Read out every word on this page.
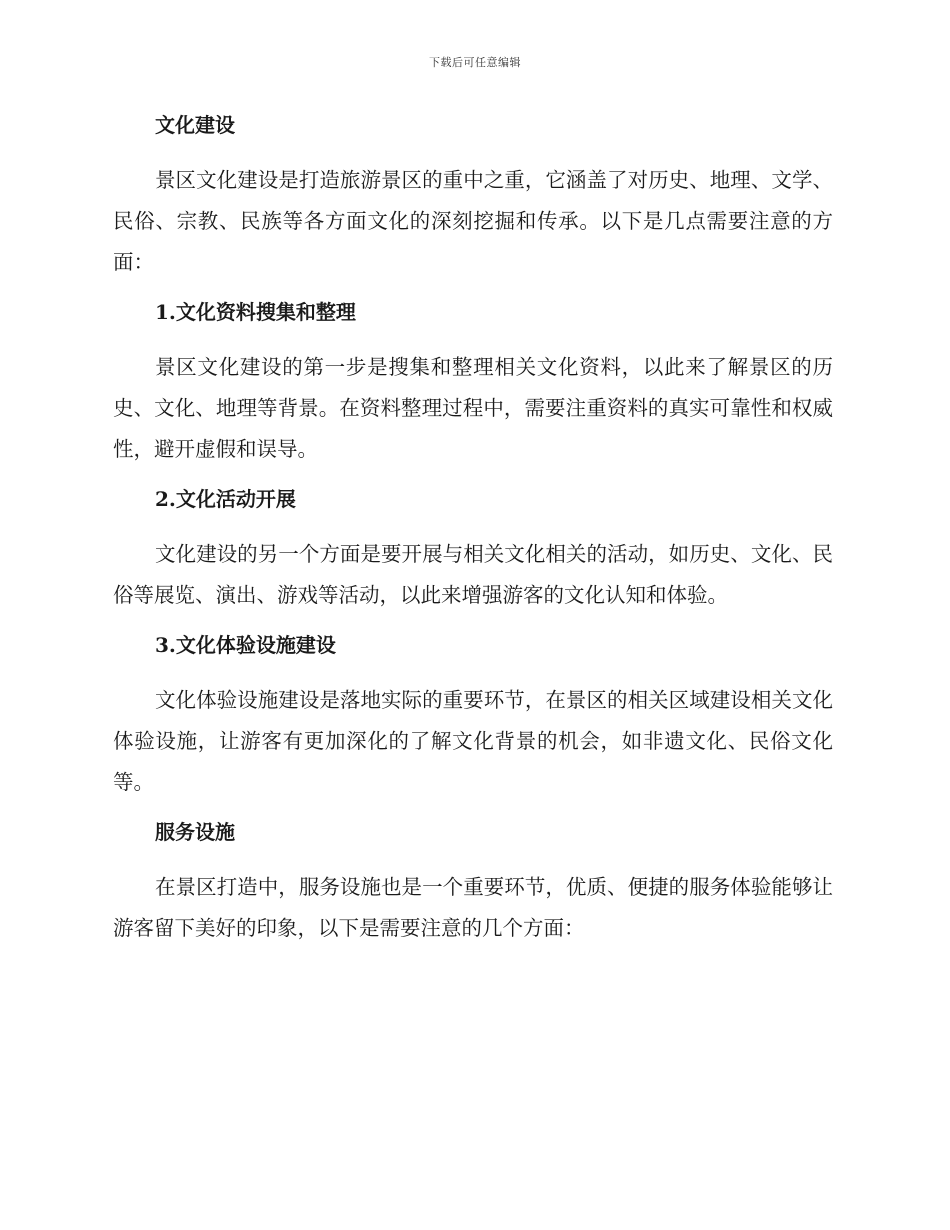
下载后可任意编辑
文化建设

景区文化建设是打造旅游景区的重中之重，它涵盖了对历史、地理、文学、民俗、宗教、民族等各方面文化的深刻挖掘和传承。以下是几点需要注意的方面：

1.文化资料搜集和整理

景区文化建设的第一步是搜集和整理相关文化资料，以此来了解景区的历史、文化、地理等背景。在资料整理过程中，需要注重资料的真实可靠性和权威性，避开虚假和误导。

2.文化活动开展

文化建设的另一个方面是要开展与相关文化相关的活动，如历史、文化、民俗等展览、演出、游戏等活动，以此来增强游客的文化认知和体验。

3.文化体验设施建设

文化体验设施建设是落地实际的重要环节，在景区的相关区域建设相关文化体验设施，让游客有更加深化的了解文化背景的机会，如非遗文化、民俗文化等。

服务设施

在景区打造中，服务设施也是一个重要环节，优质、便捷的服务体验能够让游客留下美好的印象，以下是需要注意的几个方面：
